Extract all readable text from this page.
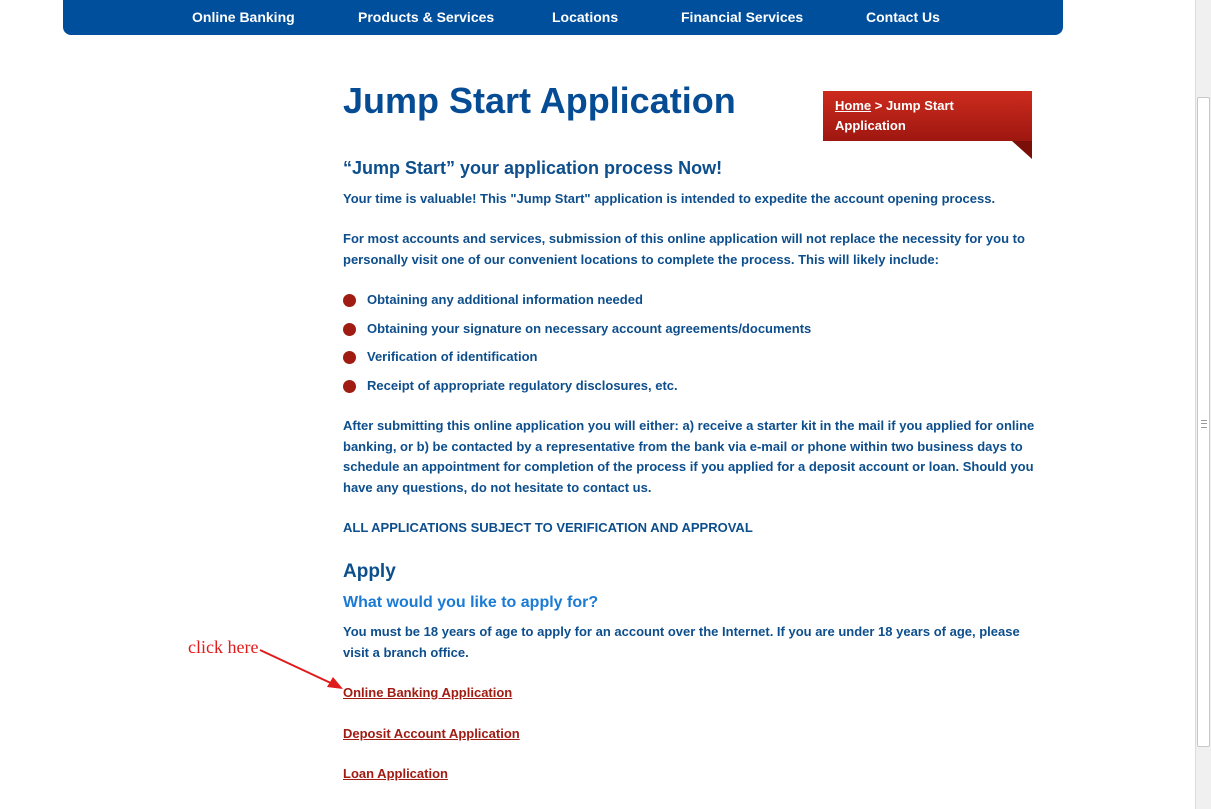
Online Banking	Products & Services	Locations	Financial Services	Contact Us
Jump Start Application	Home > Jump Start Application
“Jump Start” your application process Now!
Your time is valuable! This "Jump Start" application is intended to expedite the account opening process.
For most accounts and services, submission of this online application will not replace the necessity for you to personally visit one of our convenient locations to complete the process. This will likely include:
Obtaining any additional information needed
Obtaining your signature on necessary account agreements/documents
Verification of identification
Receipt of appropriate regulatory disclosures, etc.
After submitting this online application you will either: a) receive a starter kit in the mail if you applied for online banking, or b) be contacted by a representative from the bank via e-mail or phone within two business days to schedule an appointment for completion of the process if you applied for a deposit account or loan. Should you have any questions, do not hesitate to contact us.
ALL APPLICATIONS SUBJECT TO VERIFICATION AND APPROVAL
Apply
What would you like to apply for?
You must be 18 years of age to apply for an account over the Internet. If you are under 18 years of age, please visit a branch office.
Online Banking Application
Deposit Account Application
Loan Application
click here
